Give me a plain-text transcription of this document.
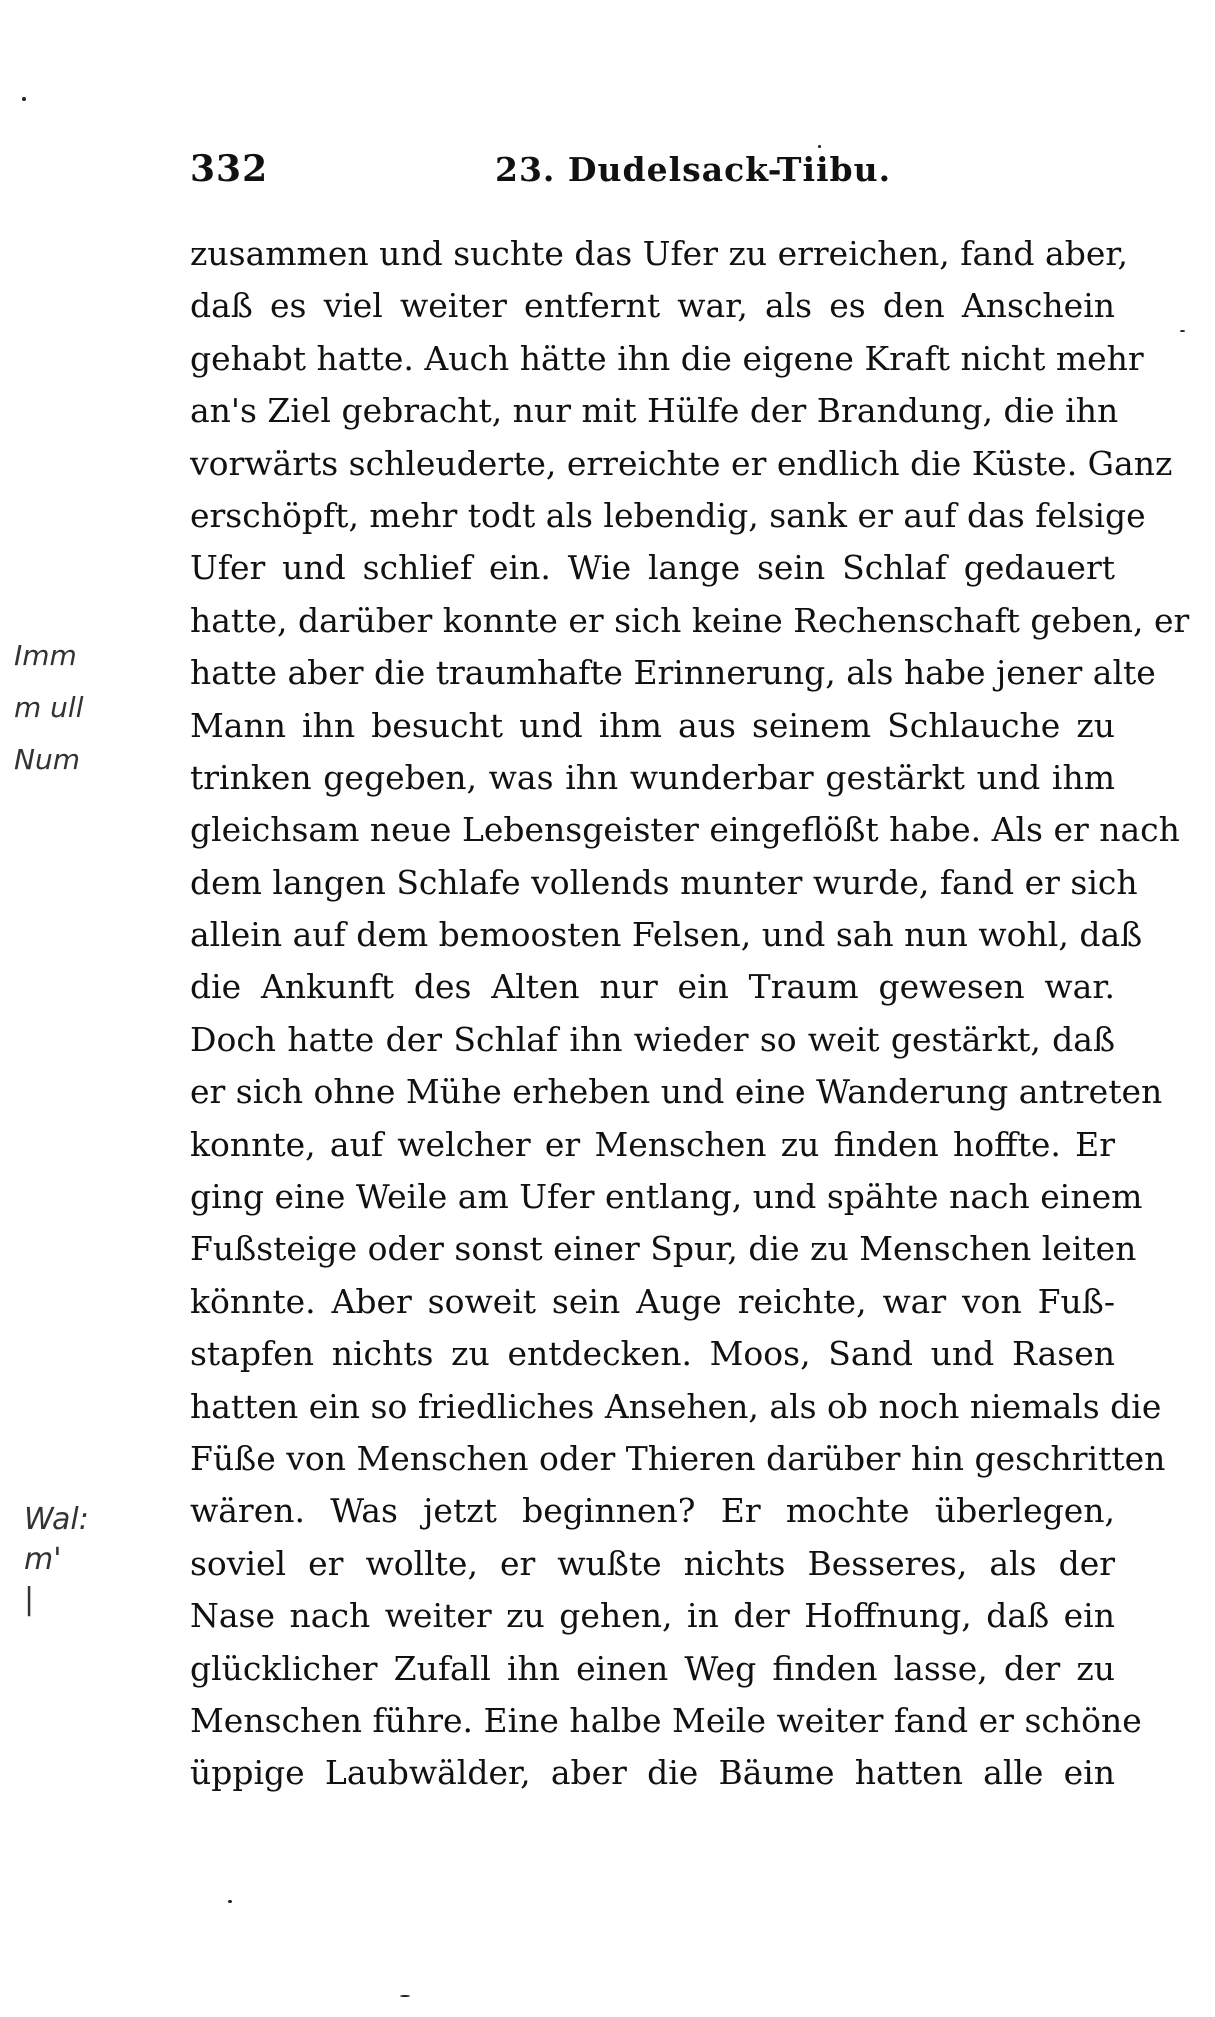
332	23. Dudelsack-Tiibu.
zusammen und suchte das Ufer zu erreichen, fand aber,
daß es viel weiter entfernt war, als es den Anschein
gehabt hatte. Auch hätte ihn die eigene Kraft nicht mehr
an's Ziel gebracht, nur mit Hülfe der Brandung, die ihn
vorwärts schleuderte, erreichte er endlich die Küste. Ganz
erschöpft, mehr todt als lebendig, sank er auf das felsige
Ufer und schlief ein. Wie lange sein Schlaf gedauert
hatte, darüber konnte er sich keine Rechenschaft geben, er
hatte aber die traumhafte Erinnerung, als habe jener alte
Mann ihn besucht und ihm aus seinem Schlauche zu
trinken gegeben, was ihn wunderbar gestärkt und ihm
gleichsam neue Lebensgeister eingeflößt habe. Als er nach
dem langen Schlafe vollends munter wurde, fand er sich
allein auf dem bemoosten Felsen, und sah nun wohl, daß
die Ankunft des Alten nur ein Traum gewesen war.
Doch hatte der Schlaf ihn wieder so weit gestärkt, daß
er sich ohne Mühe erheben und eine Wanderung antreten
konnte, auf welcher er Menschen zu finden hoffte. Er
ging eine Weile am Ufer entlang, und spähte nach einem
Fußsteige oder sonst einer Spur, die zu Menschen leiten
könnte. Aber soweit sein Auge reichte, war von Fuß-
stapfen nichts zu entdecken. Moos, Sand und Rasen
hatten ein so friedliches Ansehen, als ob noch niemals die
Füße von Menschen oder Thieren darüber hin geschritten
wären. Was jetzt beginnen? Er mochte überlegen,
soviel er wollte, er wußte nichts Besseres, als der
Nase nach weiter zu gehen, in der Hoffnung, daß ein
glücklicher Zufall ihn einen Weg finden lasse, der zu
Menschen führe. Eine halbe Meile weiter fand er schöne
üppige Laubwälder, aber die Bäume hatten alle ein
Imm
m ull
Num
Wal:
m'
|
